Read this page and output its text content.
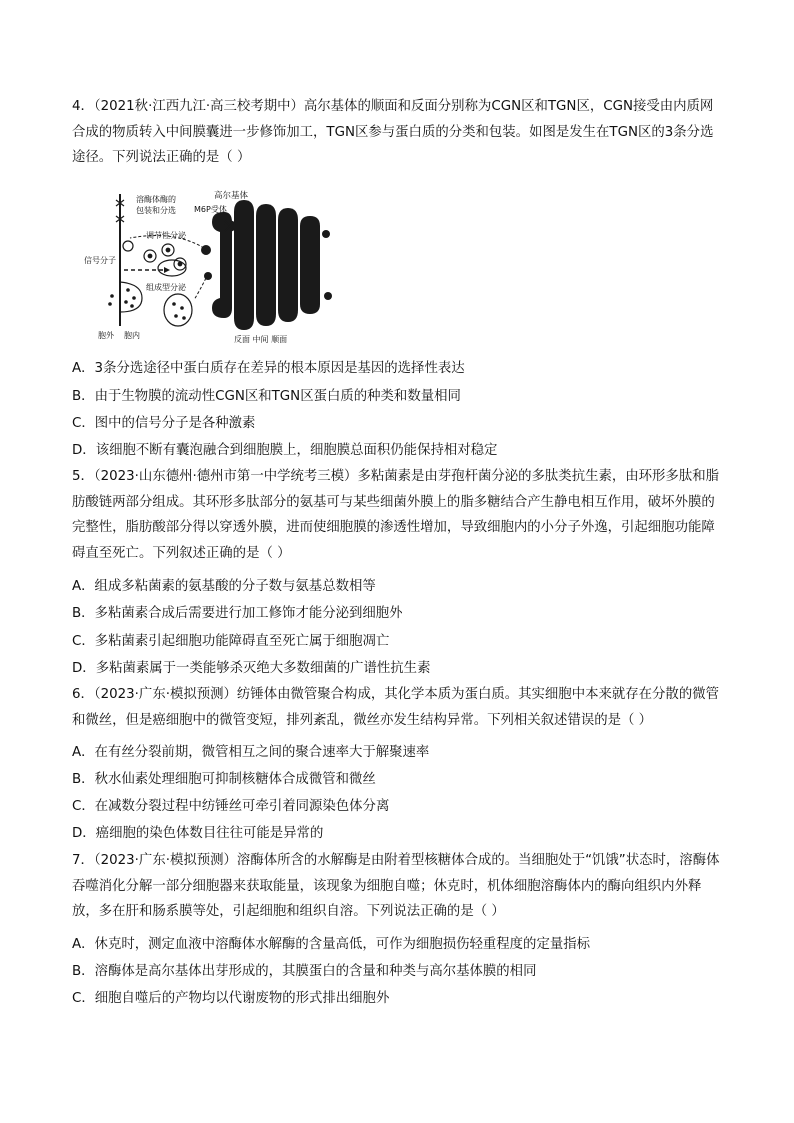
4．（2021秋·江西九江·高三校考期中）高尔基体的顺面和反面分别称为CGN区和TGN区，CGN接受由内质网合成的物质转入中间膜囊进一步修饰加工，TGN区参与蛋白质的分类和包装。如图是发生在TGN区的3条分选途径。下列说法正确的是（ ）

高尔基体
M6P受体
溶酶体酶的
包装和分选
调节性分泌
信号分子
组成型分泌
胞外 胞内	反面 中间 顺面
A．3条分选途径中蛋白质存在差异的根本原因是基因的选择性表达
B．由于生物膜的流动性CGN区和TGN区蛋白质的种类和数量相同
C．图中的信号分子是各种激素
D．该细胞不断有囊泡融合到细胞膜上，细胞膜总面积仍能保持相对稳定

5．（2023·山东德州·德州市第一中学统考三模）多粘菌素是由芽孢杆菌分泌的多肽类抗生素，由环形多肽和脂肪酸链两部分组成。其环形多肽部分的氨基可与某些细菌外膜上的脂多糖结合产生静电相互作用，破坏外膜的完整性，脂肪酸部分得以穿透外膜，进而使细胞膜的渗透性增加，导致细胞内的小分子外逸，引起细胞功能障碍直至死亡。下列叙述正确的是（ ）

A．组成多粘菌素的氨基酸的分子数与氨基总数相等
B．多粘菌素合成后需要进行加工修饰才能分泌到细胞外
C．多粘菌素引起细胞功能障碍直至死亡属于细胞凋亡
D．多粘菌素属于一类能够杀灭绝大多数细菌的广谱性抗生素

6．（2023·广东·模拟预测）纺锤体由微管聚合构成，其化学本质为蛋白质。其实细胞中本来就存在分散的微管和微丝，但是癌细胞中的微管变短，排列紊乱，微丝亦发生结构异常。下列相关叙述错误的是（ ）

A．在有丝分裂前期，微管相互之间的聚合速率大于解聚速率
B．秋水仙素处理细胞可抑制核糖体合成微管和微丝
C．在减数分裂过程中纺锤丝可牵引着同源染色体分离
D．癌细胞的染色体数目往往可能是异常的

7．（2023·广东·模拟预测）溶酶体所含的水解酶是由附着型核糖体合成的。当细胞处于“饥饿”状态时，溶酶体吞噬消化分解一部分细胞器来获取能量，该现象为细胞自噬；休克时，机体细胞溶酶体内的酶向组织内外释放，多在肝和肠系膜等处，引起细胞和组织自溶。下列说法正确的是（ ）

A．休克时，测定血液中溶酶体水解酶的含量高低，可作为细胞损伤轻重程度的定量指标
B．溶酶体是高尔基体出芽形成的，其膜蛋白的含量和种类与高尔基体膜的相同
C．细胞自噬后的产物均以代谢废物的形式排出细胞外
